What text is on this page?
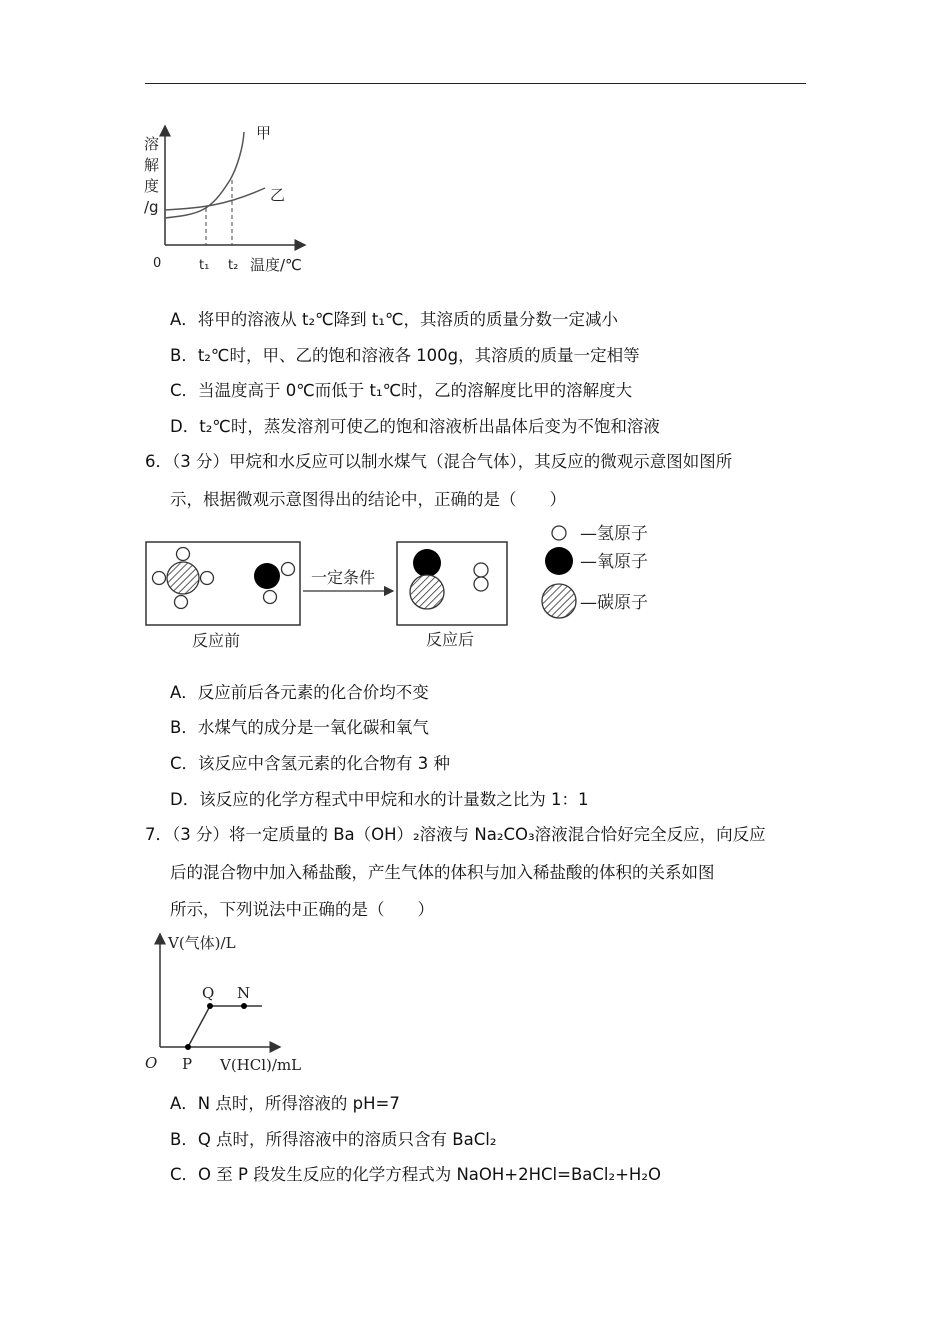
溶
解
度
/g
甲
乙
0	t₁ t₂ 温度/℃
A．将甲的溶液从 t₂℃降到 t₁℃，其溶质的质量分数一定减小
B．t₂℃时，甲、乙的饱和溶液各 100g，其溶质的质量一定相等
C．当温度高于 0℃而低于 t₁℃时，乙的溶解度比甲的溶解度大
D．t₂℃时，蒸发溶剂可使乙的饱和溶液析出晶体后变为不饱和溶液
6．（3 分）甲烷和水反应可以制水煤气（混合气体），其反应的微观示意图如图所
示，根据微观示意图得出的结论中，正确的是（　　）
一定条件
反应前	反应后
—氢原子
—氧原子
—碳原子
A．反应前后各元素的化合价均不变
B．水煤气的成分是一氧化碳和氧气
C．该反应中含氢元素的化合物有 3 种
D．该反应的化学方程式中甲烷和水的计量数之比为 1：1
7．（3 分）将一定质量的 Ba（OH）₂溶液与 Na₂CO₃溶液混合恰好完全反应，向反应
后的混合物中加入稀盐酸，产生气体的体积与加入稀盐酸的体积的关系如图
所示，下列说法中正确的是（　　）
V(气体)/L
V(HCl)/mL
O P
Q N
A．N 点时，所得溶液的 pH=7
B．Q 点时，所得溶液中的溶质只含有 BaCl₂
C．O 至 P 段发生反应的化学方程式为 NaOH+2HCl=BaCl₂+H₂O
